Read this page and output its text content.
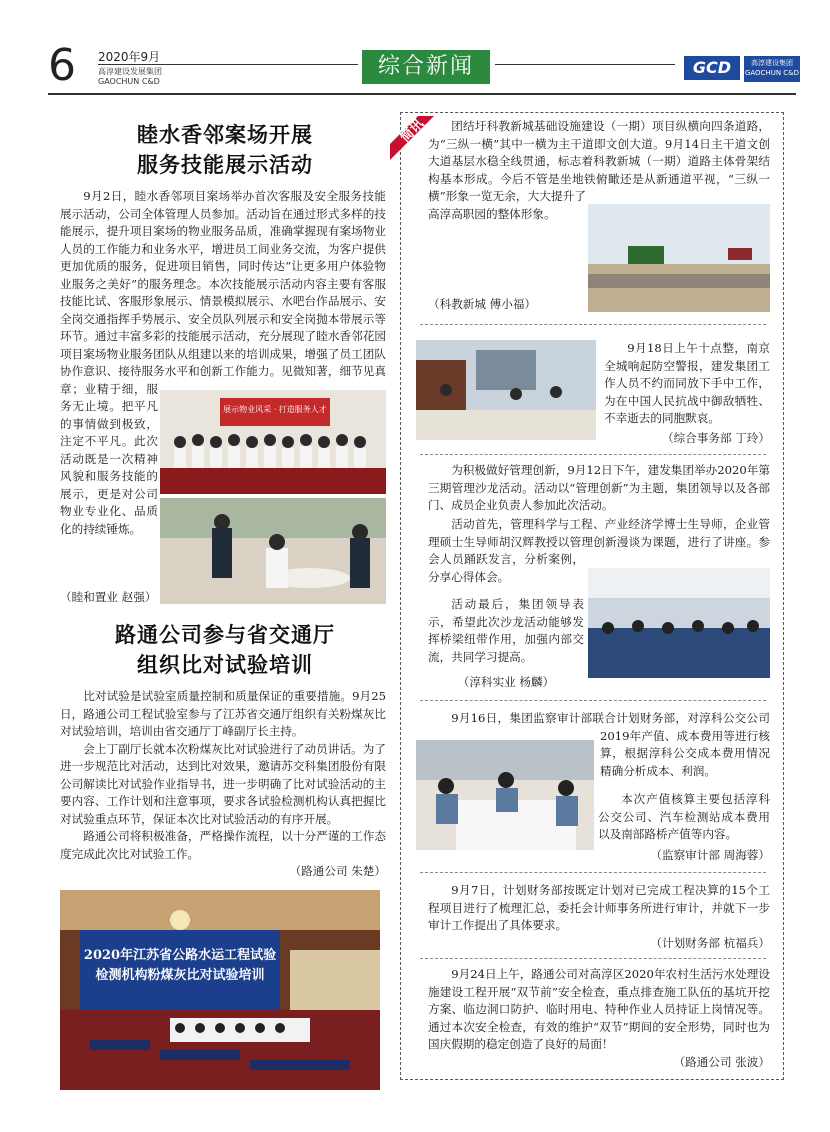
6 2020年9月
高淳建设发展集团
GAOCHUN C&D
综合新闻	GCD	高淳建设集团
GAOCHUN C&D
睦水香邻案场开展
服务技能展示活动

9月2日，睦水香邻项目案场举办首次客服及安全服务技能展示活动，公司全体管理人员参加。活动旨在通过形式多样的技能展示，提升项目案场的物业服务品质，准确掌握现有案场物业人员的工作能力和业务水平，增进员工间业务交流，为客户提供更加优质的服务，促进项目销售，同时传达“让更多用户体验物业服务之美好”的服务理念。本次技能展示活动内容主要有客服技能比试、客服形象展示、情景模拟展示、水吧台作品展示、安全岗交通指挥手势展示、安全员队列展示和安全岗抛本带展示等环节。通过丰富多彩的技能展示活动，充分展现了睦水香邻花园项目案场物业服务团队从组建以来的培训成果，增强了员工团队协作意识、接待服务水平和创新工作能力。见微知著，细节见真章；业精于细，服务无止境。把平凡的事情做到极致，注定不平凡。此次活动既是一次精神风貌和服务技能的展示，更是对公司物业专业化、品质化的持续锤炼。

展示物业风采 · 打造服务人才
（睦和置业 赵强）
路通公司参与省交通厅
组织比对试验培训

比对试验是试验室质量控制和质量保证的重要措施。9月25日，路通公司工程试验室参与了江苏省交通厅组织有关粉煤灰比对试验培训，培训由省交通厅丁峰副厅长主持。

会上丁副厅长就本次粉煤灰比对试验进行了动员讲话。为了进一步规范比对活动，达到比对效果，邀请苏交科集团股份有限公司解读比对试验作业指导书，进一步明确了比对试验活动的主要内容、工作计划和注意事项，要求各试验检测机构认真把握比对试验重点环节，保证本次比对试验活动的有序开展。

路通公司将积极准备，严格操作流程，以十分严谨的工作态度完成此次比对试验工作。

（路通公司 朱楚）
2020年江苏省公路水运工程试验
检测机构粉煤灰比对试验培训
简讯	团结圩科教新城基础设施建设（一期）项目纵横向四条道路，为“三纵一横”其中一横为主干道即文创大道。9月14日主干道文创大道基层水稳全线贯通，标志着科教新城（一期）道路主体骨架结构基本形成。今后不管是坐地铁俯瞰还是从新通道平视，“三纵一横”形象一览无余，大大提升了高淳高职园的整体形象。

（科教新城 傅小福）

9月18日上午十点整，南京全城响起防空警报，建发集团工作人员不约而同放下手中工作，为在中国人民抗战中御敌牺牲、不幸逝去的同胞默哀。

（综合事务部 丁玲）

为积极做好管理创新，9月12日下午，建发集团举办2020年第三期管理沙龙活动。活动以“管理创新”为主题，集团领导以及各部门、成员企业负责人参加此次活动。

活动首先，管理科学与工程、产业经济学博士生导师，企业管理硕士生导师胡汉辉教授以管理创新漫谈为课题，进行了讲座。参会人员踊跃发言，分析案例，分享心得体会。

活动最后，集团领导表示，希望此次沙龙活动能够发挥桥梁纽带作用，加强内部交流，共同学习提高。

（淳科实业 杨麟）

9月16日，集团监察审计部联合计划财务部，对淳科公交公司2019年产值、成本费用等进行核算，根据淳科公交成本费用情况精确分析成本、利润。

本次产值核算主要包括淳科公交公司、汽车检测站成本费用以及南部路桥产值等内容。

（监察审计部 周海蓉）

9月7日，计划财务部按既定计划对已完成工程决算的15个工程项目进行了梳理汇总，委托会计师事务所进行审计，并就下一步审计工作提出了具体要求。

（计划财务部 杭福兵）

9月24日上午，路通公司对高淳区2020年农村生活污水处理设施建设工程开展“双节前”安全检查，重点排查施工队伍的基坑开挖方案、临边洞口防护、临时用电、特种作业人员持证上岗情况等。通过本次安全检查，有效的维护“双节”期间的安全形势，同时也为国庆假期的稳定创造了良好的局面！

（路通公司 张波）
